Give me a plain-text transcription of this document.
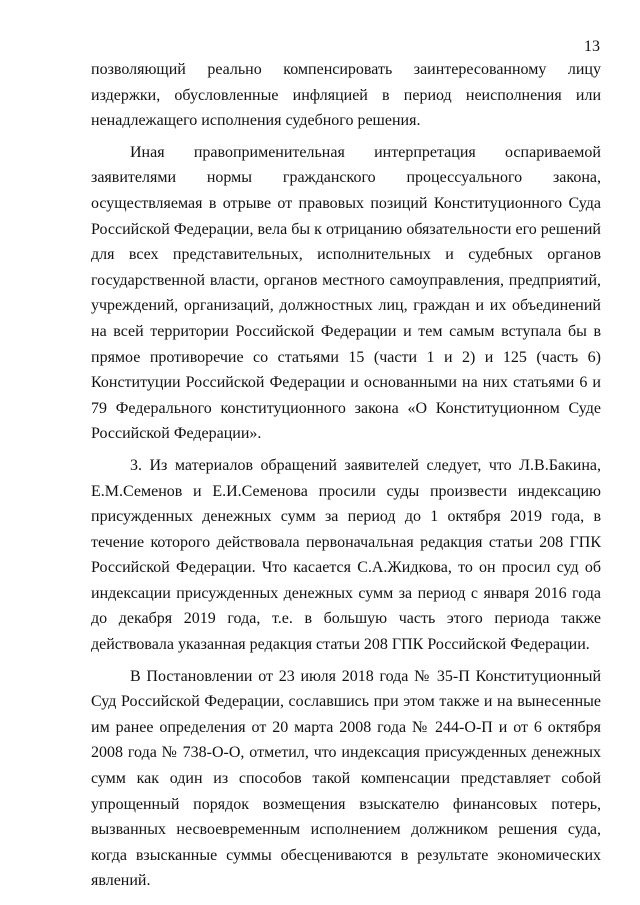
13

позволяющий реально компенсировать заинтересованному лицу издержки, обусловленные инфляцией в период неисполнения или ненадлежащего исполнения судебного решения.

Иная правоприменительная интерпретация оспариваемой заявителями нормы гражданского процессуального закона, осуществляемая в отрыве от правовых позиций Конституционного Суда Российской Федерации, вела бы к отрицанию обязательности его решений для всех представительных, исполнительных и судебных органов государственной власти, органов местного самоуправления, предприятий, учреждений, организаций, должностных лиц, граждан и их объединений на всей территории Российской Федерации и тем самым вступала бы в прямое противоречие со статьями 15 (части 1 и 2) и 125 (часть 6) Конституции Российской Федерации и основанными на них статьями 6 и 79 Федерального конституционного закона «О Конституционном Суде Российской Федерации».

3. Из материалов обращений заявителей следует, что Л.В.Бакина, Е.М.Семенов и Е.И.Семенова просили суды произвести индексацию присужденных денежных сумм за период до 1 октября 2019 года, в течение которого действовала первоначальная редакция статьи 208 ГПК Российской Федерации. Что касается С.А.Жидкова, то он просил суд об индексации присужденных денежных сумм за период с января 2016 года до декабря 2019 года, т.е. в большую часть этого периода также действовала указанная редакция статьи 208 ГПК Российской Федерации.

В Постановлении от 23 июля 2018 года № 35-П Конституционный Суд Российской Федерации, сославшись при этом также и на вынесенные им ранее определения от 20 марта 2008 года № 244-О-П и от 6 октября 2008 года № 738-О-О, отметил, что индексация присужденных денежных сумм как один из способов такой компенсации представляет собой упрощенный порядок возмещения взыскателю финансовых потерь, вызванных несвоевременным исполнением должником решения суда, когда взысканные суммы обесцениваются в результате экономических явлений.
